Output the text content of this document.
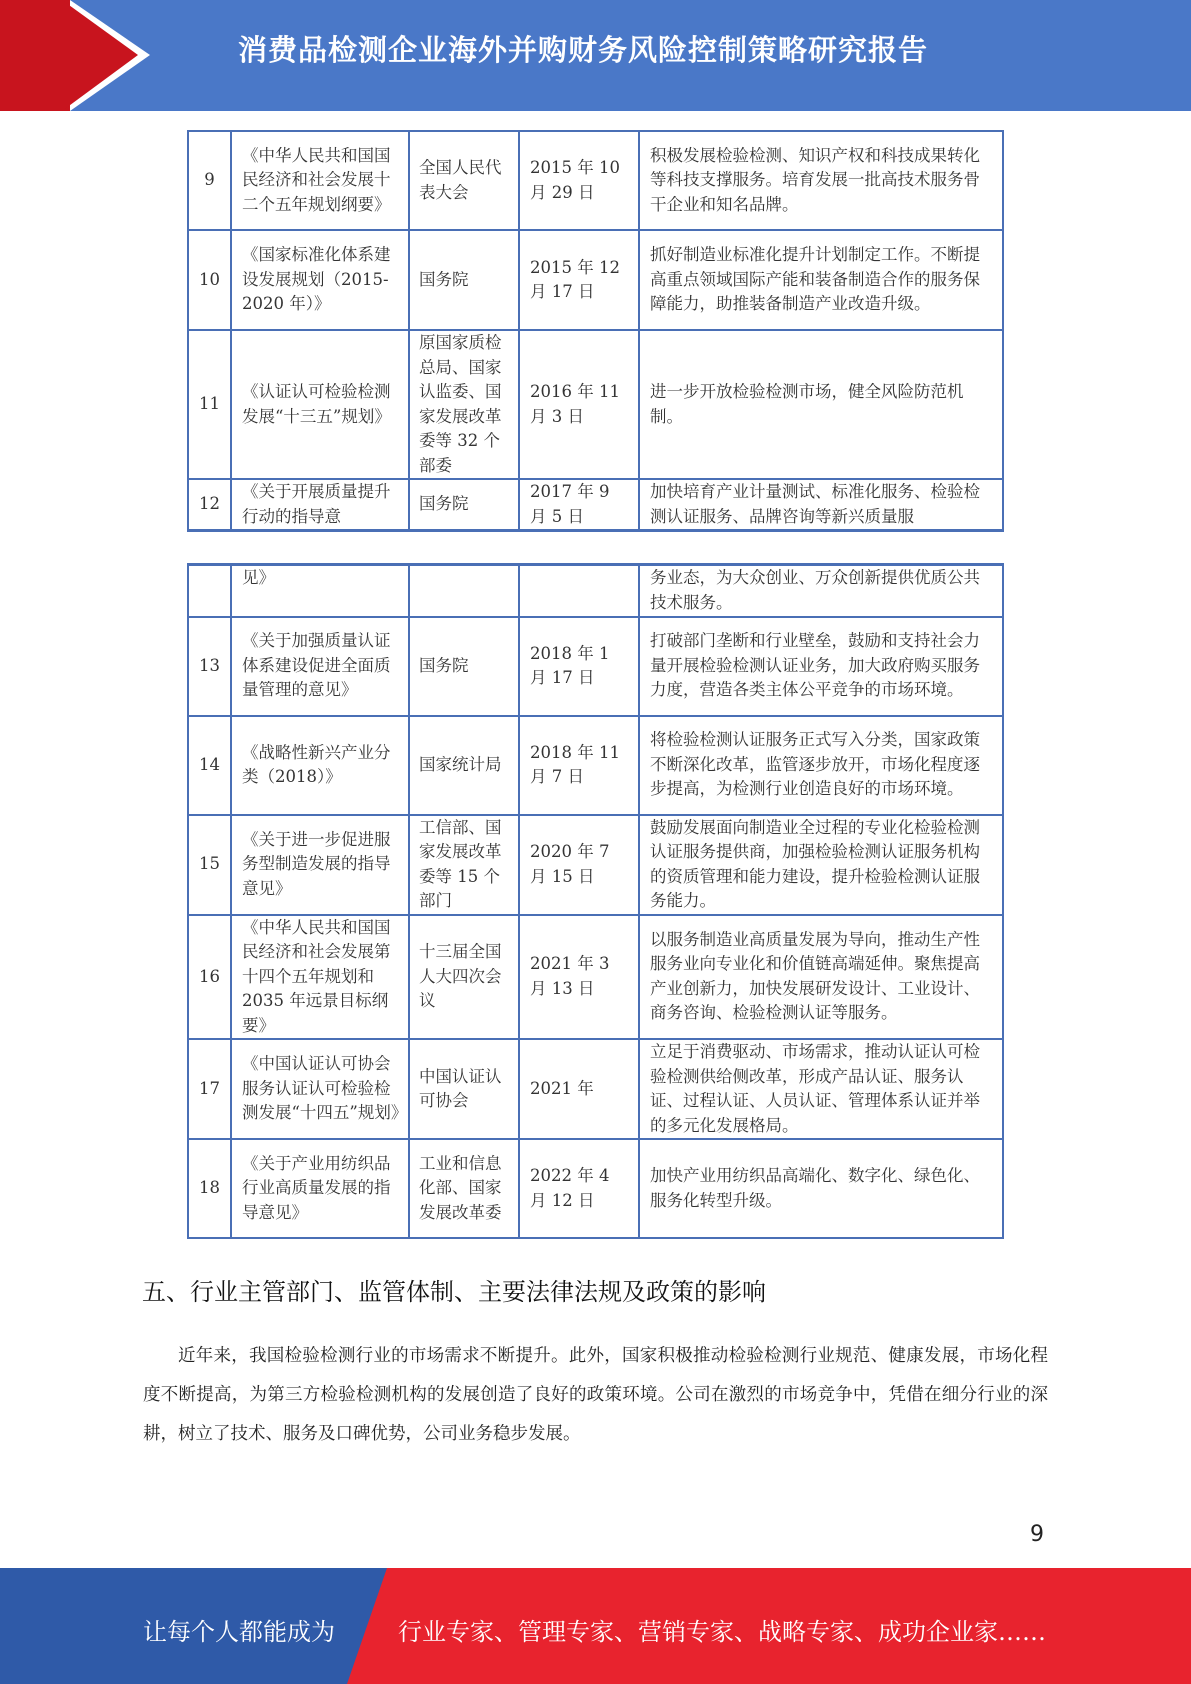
消费品检测企业海外并购财务风险控制策略研究报告
9	《中华人民共和国国民经济和社会发展十二个五年规划纲要》	全国人民代表大会	2015 年 10 月 29 日	积极发展检验检测、知识产权和科技成果转化等科技支撑服务。培育发展一批高技术服务骨干企业和知名品牌。
10	《国家标准化体系建设发展规划（2015-2020 年）》	国务院	2015 年 12 月 17 日	抓好制造业标准化提升计划制定工作。不断提高重点领域国际产能和装备制造合作的服务保障能力，助推装备制造产业改造升级。
11	《认证认可检验检测发展“十三五”规划》	原国家质检总局、国家认监委、国家发展改革委等 32 个部委	2016 年 11 月 3 日	进一步开放检验检测市场，健全风险防范机制。
12	《关于开展质量提升行动的指导意	国务院	2017 年 9 月 5 日	加快培育产业计量测试、标准化服务、检验检测认证服务、品牌咨询等新兴质量服
	见》			务业态，为大众创业、万众创新提供优质公共技术服务。
13	《关于加强质量认证体系建设促进全面质量管理的意见》	国务院	2018 年 1 月 17 日	打破部门垄断和行业壁垒，鼓励和支持社会力量开展检验检测认证业务，加大政府购买服务力度，营造各类主体公平竞争的市场环境。
14	《战略性新兴产业分类（2018）》	国家统计局	2018 年 11 月 7 日	将检验检测认证服务正式写入分类，国家政策不断深化改革，监管逐步放开，市场化程度逐步提高，为检测行业创造良好的市场环境。
15	《关于进一步促进服务型制造发展的指导意见》	工信部、国家发展改革委等 15 个部门	2020 年 7 月 15 日	鼓励发展面向制造业全过程的专业化检验检测认证服务提供商，加强检验检测认证服务机构的资质管理和能力建设，提升检验检测认证服务能力。
16	《中华人民共和国国民经济和社会发展第十四个五年规划和 2035 年远景目标纲要》	十三届全国人大四次会议	2021 年 3 月 13 日	以服务制造业高质量发展为导向，推动生产性服务业向专业化和价值链高端延伸。聚焦提高产业创新力，加快发展研发设计、工业设计、商务咨询、检验检测认证等服务。
17	《中国认证认可协会服务认证认可检验检测发展“十四五”规划》	中国认证认可协会	2021 年	立足于消费驱动、市场需求，推动认证认可检验检测供给侧改革，形成产品认证、服务认证、过程认证、人员认证、管理体系认证并举的多元化发展格局。
18	《关于产业用纺织品行业高质量发展的指导意见》	工业和信息化部、国家发展改革委	2022 年 4 月 12 日	加快产业用纺织品高端化、数字化、绿色化、服务化转型升级。
五、行业主管部门、监管体制、主要法律法规及政策的影响
近年来，我国检验检测行业的市场需求不断提升。此外，国家积极推动检验检测行业规范、健康发展，市场化程度不断提高，为第三方检验检测机构的发展创造了良好的政策环境。公司在激烈的市场竞争中，凭借在细分行业的深耕，树立了技术、服务及口碑优势，公司业务稳步发展。
9
让每个人都能成为	行业专家、管理专家、营销专家、战略专家、成功企业家……
